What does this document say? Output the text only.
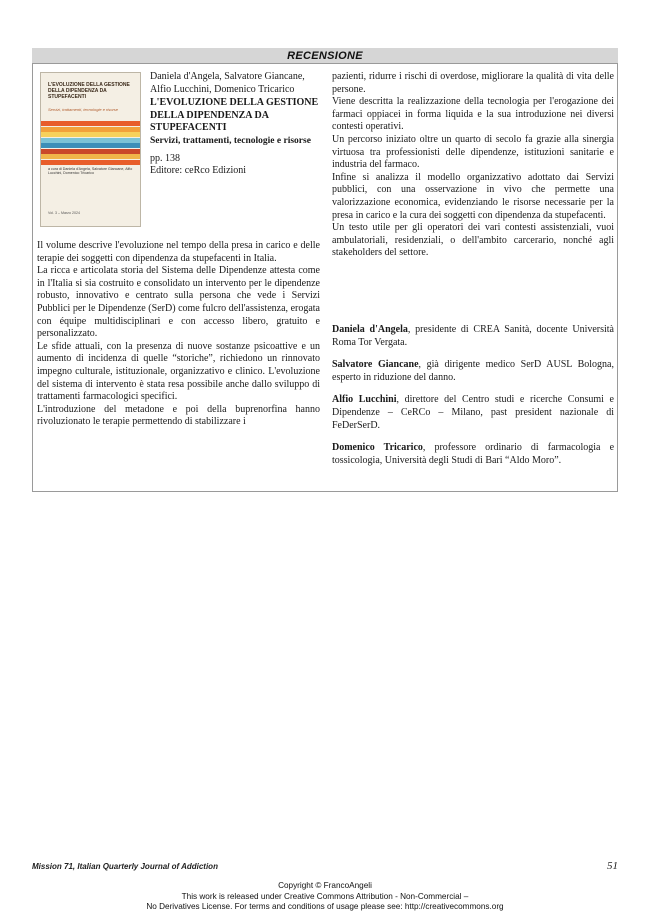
RECENSIONE
L'EVOLUZIONE DELLA GESTIONE DELLA DIPENDENZA DA STUPEFACENTI
Servizi, trattamenti, tecnologie e risorse
a cura di Daniela d'Angela, Salvatore Giancane, Alfio Lucchini, Domenico Tricarico
Vol. 3 – Marzo 2024
Daniela d'Angela, Salvatore Giancane, Alfio Lucchini, Domenico Tricarico
L'EVOLUZIONE DELLA GESTIONE DELLA DIPENDENZA DA STUPEFACENTI
Servizi, trattamenti, tecnologie e risorse
pp. 138
Editore: ceRco Edizioni

Il volume descrive l'evoluzione nel tempo della presa in carico e delle terapie dei soggetti con dipendenza da stupefacenti in Italia.

La ricca e articolata storia del Sistema delle Dipendenze attesta come in l'Italia si sia costruito e consolidato un intervento per le dipendenze robusto, innovativo e centrato sulla persona che vede i Servizi Pubblici per le Dipendenze (SerD) come fulcro dell'assistenza, erogata con équipe multidisciplinari e con accesso libero, gratuito e personalizzato.

Le sfide attuali, con la presenza di nuove sostanze psicoattive e un aumento di incidenza di quelle “storiche”, richiedono un rinnovato impegno culturale, istituzionale, organizzativo e clinico. L'evoluzione del sistema di intervento è stata resa possibile anche dallo sviluppo di trattamenti farmacologici specifici.

L'introduzione del metadone e poi della buprenorfina hanno rivoluzionato le terapie permettendo di stabilizzare i

pazienti, ridurre i rischi di overdose, migliorare la qualità di vita delle persone.

Viene descritta la realizzazione della tecnologia per l'erogazione dei farmaci oppiacei in forma liquida e la sua introduzione nei diversi contesti operativi.

Un percorso iniziato oltre un quarto di secolo fa grazie alla sinergia virtuosa tra professionisti delle dipendenze, istituzioni sanitarie e industria del farmaco.

Infine si analizza il modello organizzativo adottato dai Servizi pubblici, con una osservazione in vivo che permette una valorizzazione economica, evidenziando le risorse necessarie per la presa in carico e la cura dei soggetti con dipendenza da stupefacenti.

Un testo utile per gli operatori dei vari contesti assistenziali, vuoi ambulatoriali, residenziali, o dell'ambito carcerario, nonché agli stakeholders del settore.

Daniela d'Angela, presidente di CREA Sanità, docente Università Roma Tor Vergata.

Salvatore Giancane, già dirigente medico SerD AUSL Bologna, esperto in riduzione del danno.

Alfio Lucchini, direttore del Centro studi e ricerche Consumi e Dipendenze – CeRCo – Milano, past president nazionale di FeDerSerD.

Domenico Tricarico, professore ordinario di farmacologia e tossicologia, Università degli Studi di Bari “Aldo Moro”.

Mission 71, Italian Quarterly Journal of Addiction	51
Copyright © FrancoAngeli
This work is released under Creative Commons Attribution - Non-Commercial –
No Derivatives License. For terms and conditions of usage please see: http://creativecommons.org
